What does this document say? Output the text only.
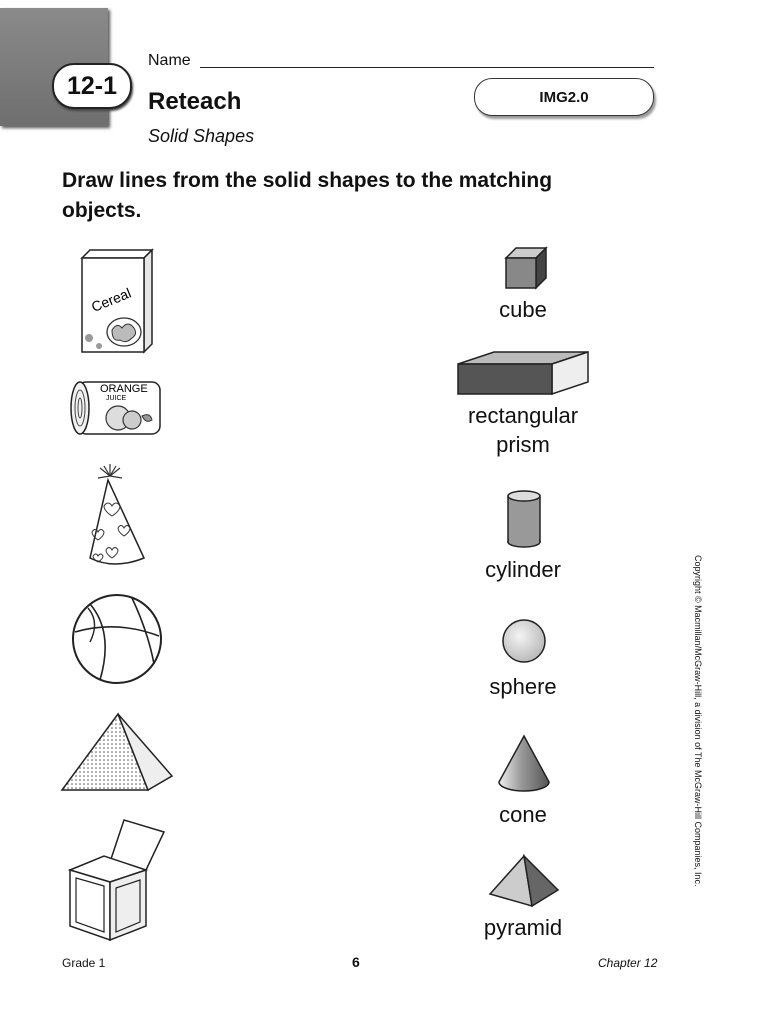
12-1
Name
Reteach
Solid Shapes
IMG2.0
Draw lines from the solid shapes to the matching objects.
Cereal
ORANGE
JUICE
cube
rectangular
prism
cylinder
sphere
cone
pyramid
Copyright © Macmillan/McGraw-Hill, a division of The McGraw-Hill Companies, Inc.
Grade 1	6	Chapter 12
